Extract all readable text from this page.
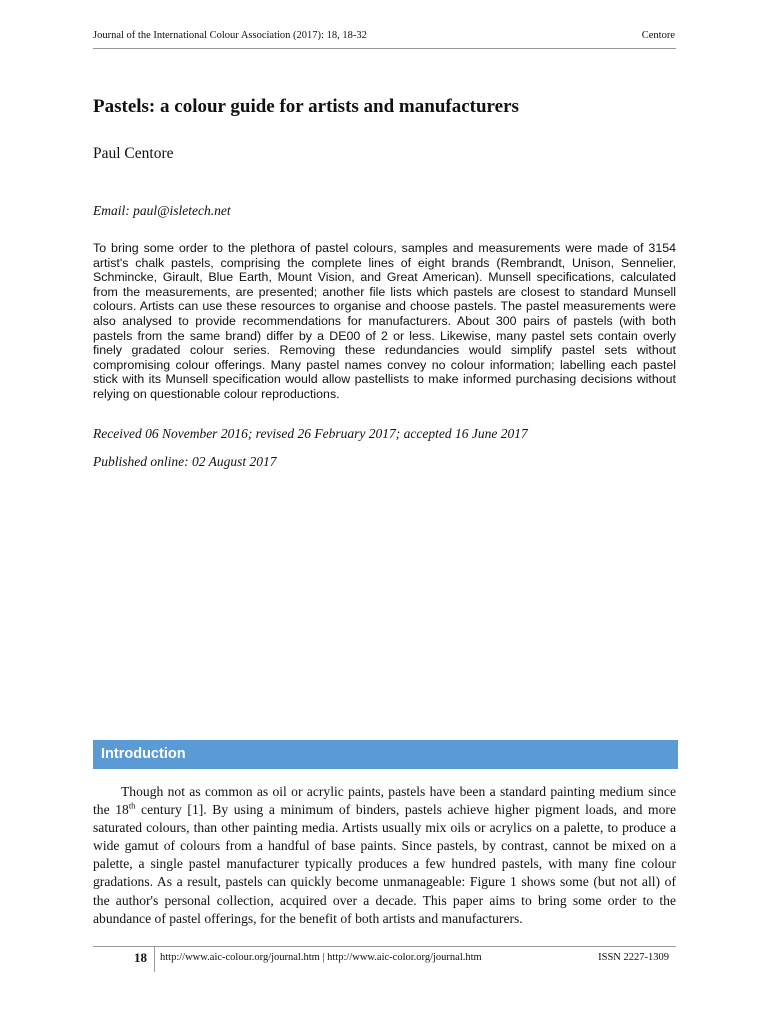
Journal of the International Colour Association (2017): 18, 18-32	Centore
Pastels: a colour guide for artists and manufacturers
Paul Centore
Email: paul@isletech.net
To bring some order to the plethora of pastel colours, samples and measurements were made of 3154 artist's chalk pastels, comprising the complete lines of eight brands (Rembrandt, Unison, Sennelier, Schmincke, Girault, Blue Earth, Mount Vision, and Great American). Munsell specifications, calculated from the measurements, are presented; another file lists which pastels are closest to standard Munsell colours. Artists can use these resources to organise and choose pastels. The pastel measurements were also analysed to provide recommendations for manufacturers. About 300 pairs of pastels (with both pastels from the same brand) differ by a DE00 of 2 or less. Likewise, many pastel sets contain overly finely gradated colour series. Removing these redundancies would simplify pastel sets without compromising colour offerings. Many pastel names convey no colour information; labelling each pastel stick with its Munsell specification would allow pastellists to make informed purchasing decisions without relying on questionable colour reproductions.
Received 06 November 2016; revised 26 February 2017; accepted 16 June 2017
Published online: 02 August 2017
Introduction
Though not as common as oil or acrylic paints, pastels have been a standard painting medium since the 18th century [1]. By using a minimum of binders, pastels achieve higher pigment loads, and more saturated colours, than other painting media. Artists usually mix oils or acrylics on a palette, to produce a wide gamut of colours from a handful of base paints. Since pastels, by contrast, cannot be mixed on a palette, a single pastel manufacturer typically produces a few hundred pastels, with many fine colour gradations. As a result, pastels can quickly become unmanageable: Figure 1 shows some (but not all) of the author's personal collection, acquired over a decade. This paper aims to bring some order to the abundance of pastel offerings, for the benefit of both artists and manufacturers.
18 http://www.aic-colour.org/journal.htm | http://www.aic-color.org/journal.htm	ISSN 2227-1309
